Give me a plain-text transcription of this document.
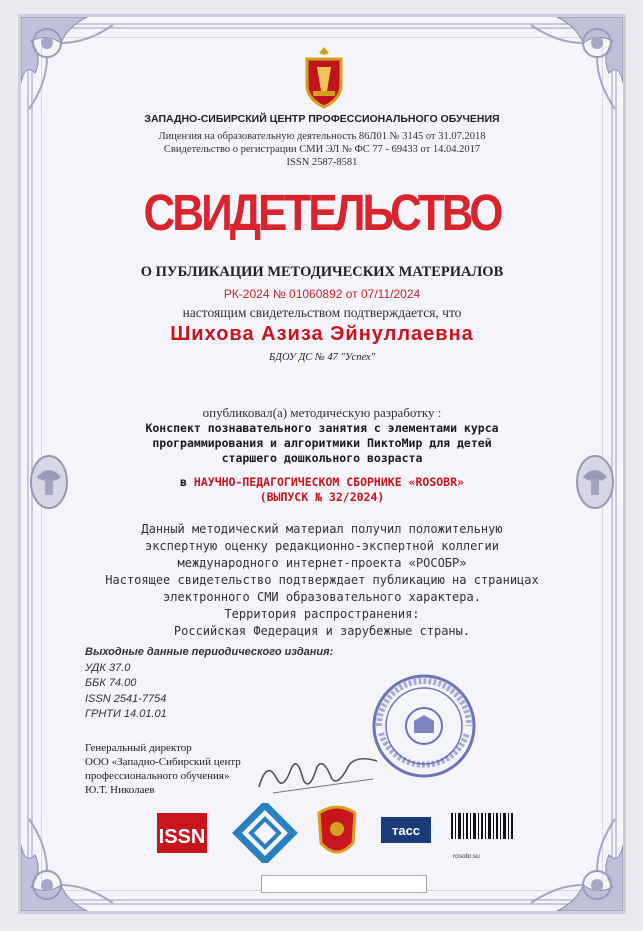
ЗАПАДНО-СИБИРСКИЙ ЦЕНТР ПРОФЕССИОНАЛЬНОГО ОБУЧЕНИЯ
Лицензия на образовательную деятельность 86Л01 № 3145 от 31.07.2018
Свидетельство о регистрации СМИ ЭЛ № ФС 77 - 69433 от 14.04.2017
ISSN 2587-8581
СВИДЕТЕЛЬСТВО
О ПУБЛИКАЦИИ МЕТОДИЧЕСКИХ МАТЕРИАЛОВ
РК-2024 № 01060892 от 07/11/2024
настоящим свидетельством подтверждается, что
Шихова Азиза Эйнуллаевна
БДОУ ДС № 47 "Успех"
опубликовал(а) методическую разработку :
Конспект познавательного занятия с элементами курса
программирования и алгоритмики ПиктоМир для детей
старшего дошкольного возраста
в НАУЧНО-ПЕДАГОГИЧЕСКОМ СБОРНИКЕ «ROSOBR»
(ВЫПУСК № 32/2024)
Данный методический материал получил положительную
экспертную оценку редакционно-экспертной коллегии
международного интернет-проекта «РОСОБР»
Настоящее свидетельство подтверждает публикацию на страницах
электронного СМИ образовательного характера.
Территория распространения:
Российская Федерация и зарубежные страны.
Выходные данные периодического издания:
УДК 37.0
ББК 74.00
ISSN 2541-7754
ГРНТИ 14.01.01
Генеральный директор
ООО «Западно-Сибирский центр
профессионального обучения»
Ю.Т. Николаев
ISSN	тасс
rosobr.su
